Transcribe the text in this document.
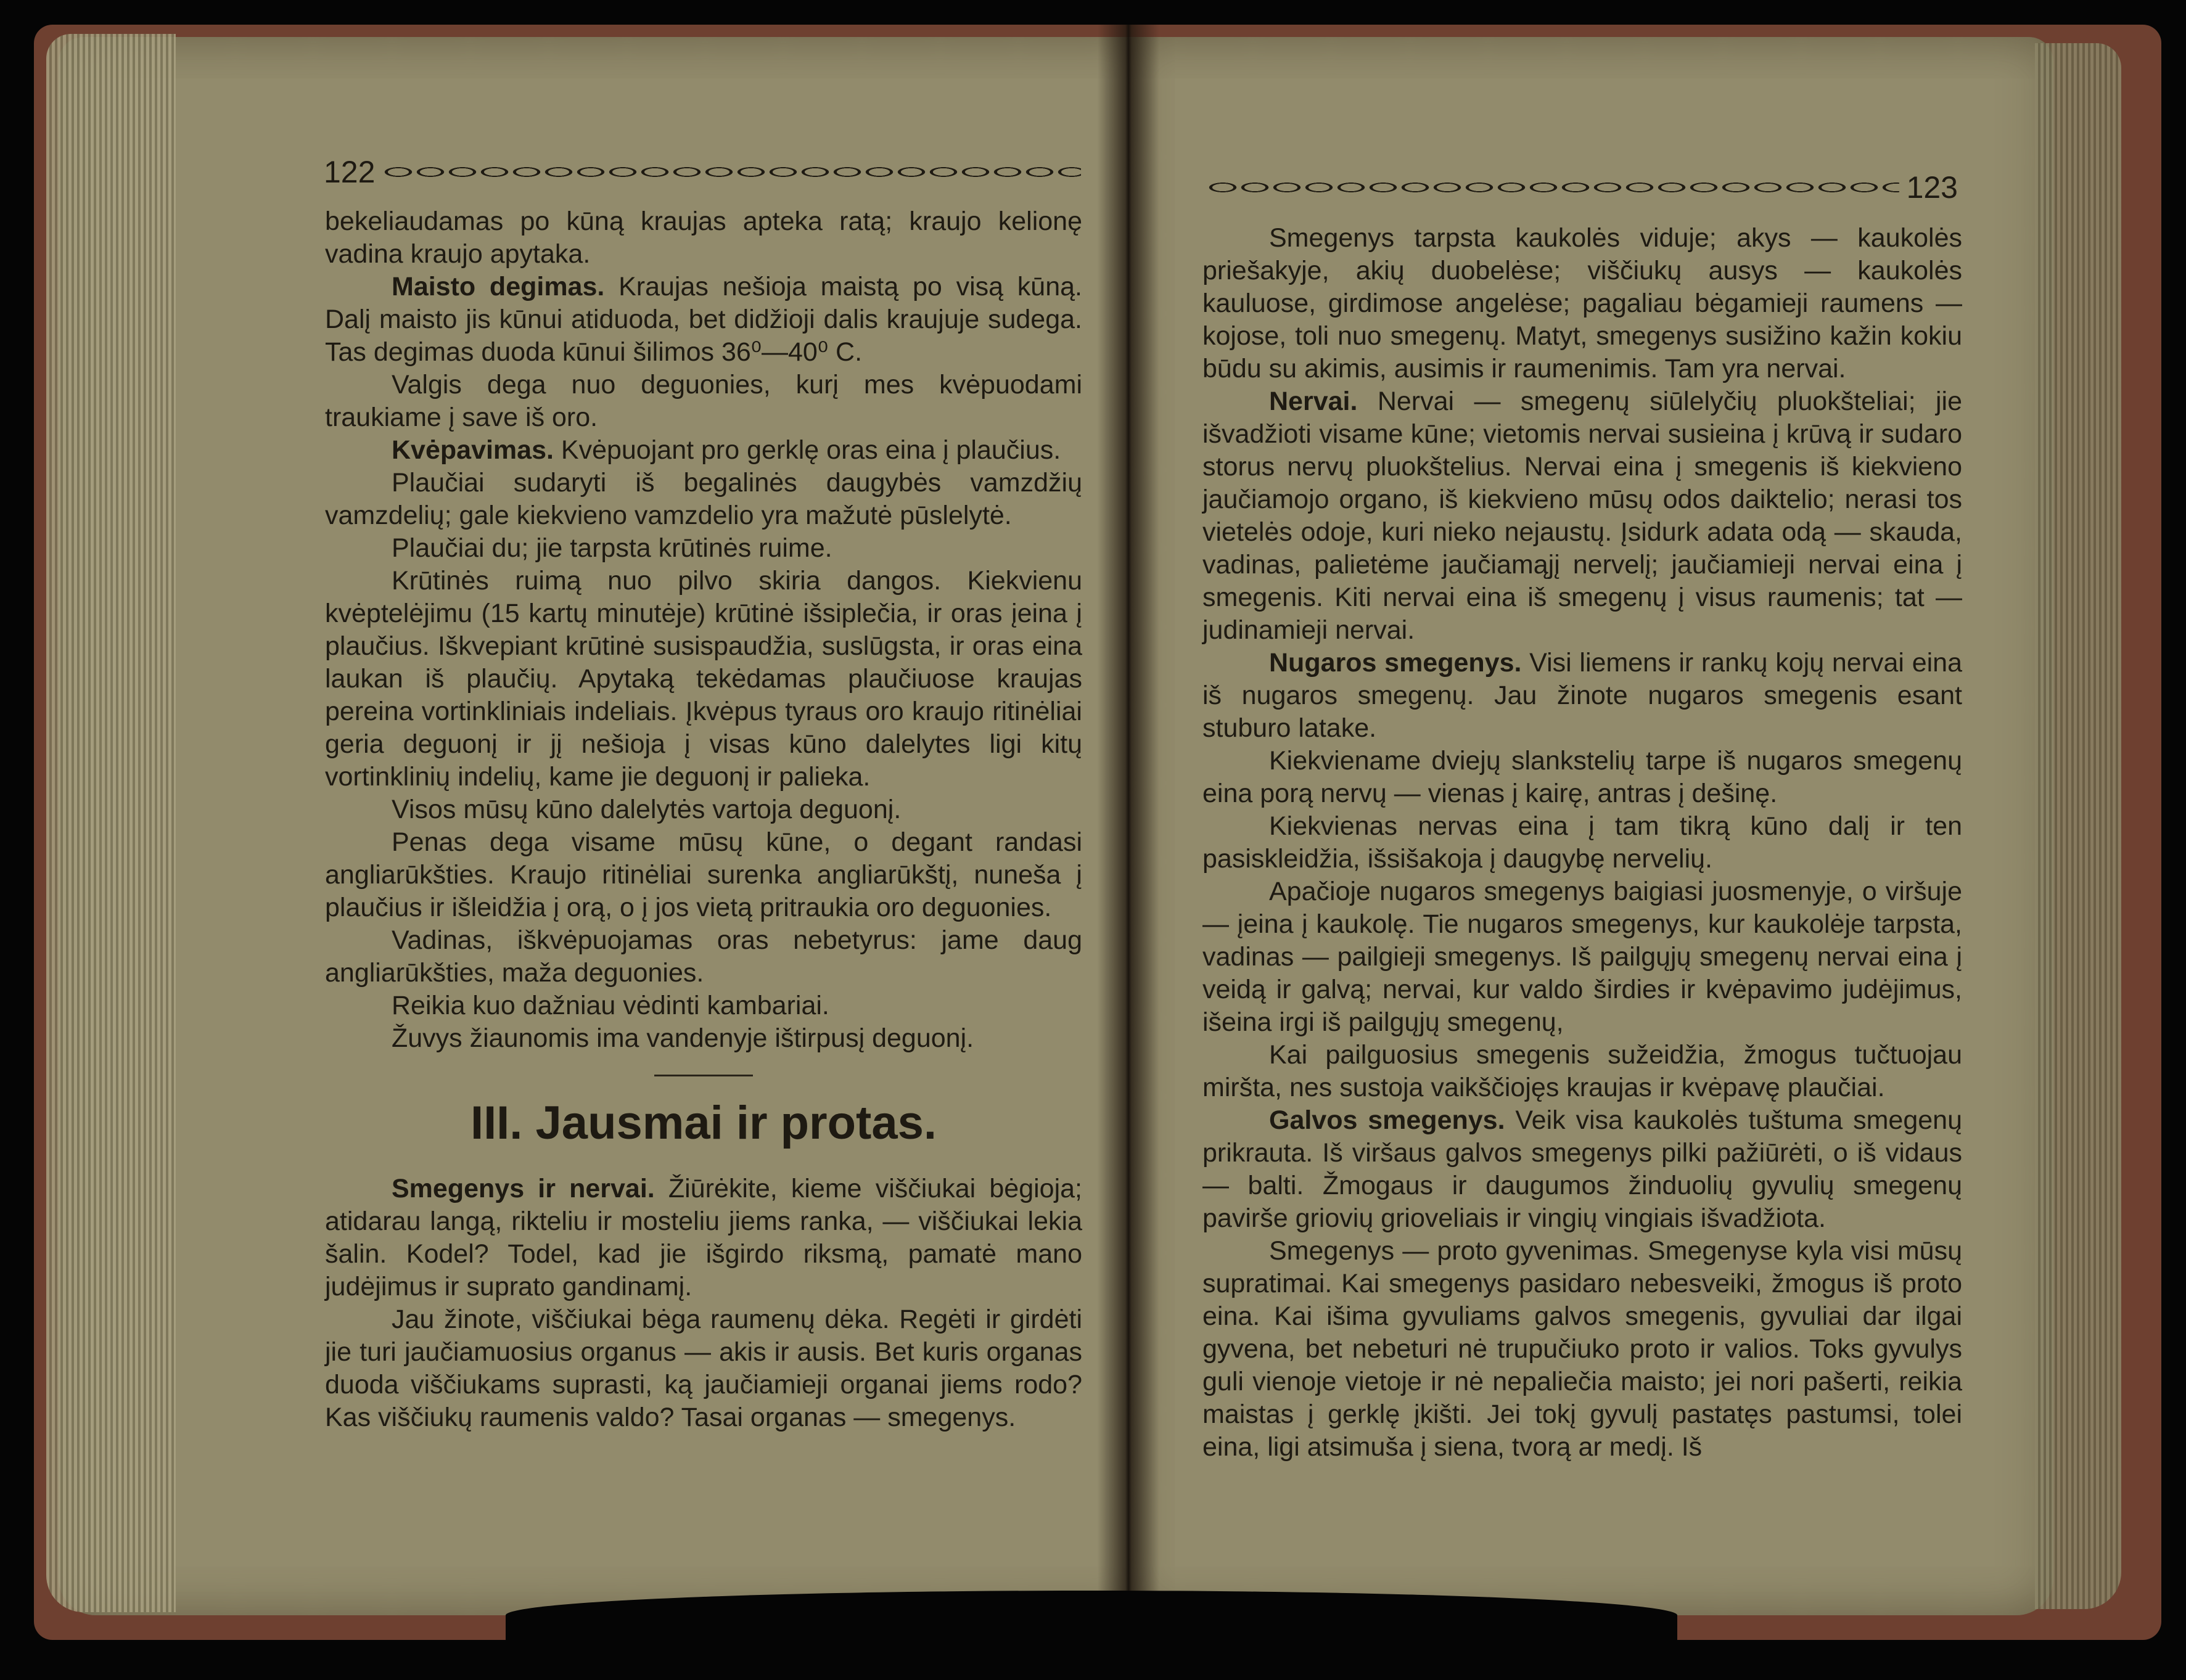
122	123

bekeliaudamas po kūną kraujas apteka ratą; kraujo kelionę vadina kraujo apytaka.

Maisto degimas. Kraujas nešioja maistą po visą kūną. Dalį maisto jis kūnui atiduoda, bet didžioji dalis kraujuje sudega. Tas degimas duoda kūnui šilimos 36⁰—40⁰ C.

Valgis dega nuo deguonies, kurį mes kvėpuodami traukiame į save iš oro.

Kvėpavimas. Kvėpuojant pro gerklę oras eina į plaučius.

Plaučiai sudaryti iš begalinės daugybės vamzdžių vamzdelių; gale kiekvieno vamzdelio yra mažutė pūslelytė.

Plaučiai du; jie tarpsta krūtinės ruime.

Krūtinės ruimą nuo pilvo skiria dangos. Kiekvienu kvėptelėjimu (15 kartų minutėje) krūtinė išsiplečia, ir oras įeina į plaučius. Iškvepiant krūtinė susispaudžia, suslūgsta, ir oras eina laukan iš plaučių. Apytaką tekėdamas plaučiuose kraujas pereina vortinkliniais indeliais. Įkvėpus tyraus oro kraujo ritinėliai geria deguonį ir jį nešioja į visas kūno dalelytes ligi kitų vortinklinių indelių, kame jie deguonį ir palieka.

Visos mūsų kūno dalelytės vartoja deguonį.

Penas dega visame mūsų kūne, o degant randasi angliarūkšties. Kraujo ritinėliai surenka angliarūkštį, nuneša į plaučius ir išleidžia į orą, o į jos vietą pritraukia oro deguonies.

Vadinas, iškvėpuojamas oras nebetyrus: jame daug angliarūkšties, maža deguonies.

Reikia kuo dažniau vėdinti kambariai.

Žuvys žiaunomis ima vandenyje ištirpusį deguonį.

III. Jausmai ir protas.

Smegenys ir nervai. Žiūrėkite, kieme viščiukai bėgioja; atidarau langą, rikteliu ir mosteliu jiems ranka, — viščiukai lekia šalin. Kodel? Todel, kad jie išgirdo riksmą, pamatė mano judėjimus ir suprato gandinamį.

Jau žinote, viščiukai bėga raumenų dėka. Regėti ir girdėti jie turi jaučiamuosius organus — akis ir ausis. Bet kuris organas duoda viščiukams suprasti, ką jaučiamieji organai jiems rodo? Kas viščiukų raumenis valdo? Tasai organas — smegenys.

Smegenys tarpsta kaukolės viduje; akys — kaukolės priešakyje, akių duobelėse; viščiukų ausys — kaukolės kauluose, girdimose angelėse; pagaliau bėgamieji raumens — kojose, toli nuo smegenų. Matyt, smegenys susižino kažin kokiu būdu su akimis, ausimis ir raumenimis. Tam yra nervai.

Nervai. Nervai — smegenų siūlelyčių pluokšteliai; jie išvadžioti visame kūne; vietomis nervai susieina į krūvą ir sudaro storus nervų pluokštelius. Nervai eina į smegenis iš kiekvieno jaučiamojo organo, iš kiekvieno mūsų odos daiktelio; nerasi tos vietelės odoje, kuri nieko nejaustų. Įsidurk adata odą — skauda, vadinas, palietėme jaučiamąjį nervelį; jaučiamieji nervai eina į smegenis. Kiti nervai eina iš smegenų į visus raumenis; tat — judinamieji nervai.

Nugaros smegenys. Visi liemens ir rankų kojų nervai eina iš nugaros smegenų. Jau žinote nugaros smegenis esant stuburo latake.

Kiekviename dviejų slankstelių tarpe iš nugaros smegenų eina porą nervų — vienas į kairę, antras į dešinę.

Kiekvienas nervas eina į tam tikrą kūno dalį ir ten pasiskleidžia, išsišakoja į daugybę nervelių.

Apačioje nugaros smegenys baigiasi juosmenyje, o viršuje — įeina į kaukolę. Tie nugaros smegenys, kur kaukolėje tarpsta, vadinas — pailgieji smegenys. Iš pailgųjų smegenų nervai eina į veidą ir galvą; nervai, kur valdo širdies ir kvėpavimo judėjimus, išeina irgi iš pailgųjų smegenų,

Kai pailguosius smegenis sužeidžia, žmogus tučtuojau miršta, nes sustoja vaikščiojęs kraujas ir kvėpavę plaučiai.

Galvos smegenys. Veik visa kaukolės tuštuma smegenų prikrauta. Iš viršaus galvos smegenys pilki pažiūrėti, o iš vidaus — balti. Žmogaus ir daugumos žinduolių gyvulių smegenų pavirše griovių grioveliais ir vingių vingiais išvadžiota.

Smegenys — proto gyvenimas. Smegenyse kyla visi mūsų supratimai. Kai smegenys pasidaro nebesveiki, žmogus iš proto eina. Kai išima gyvuliams galvos smegenis, gyvuliai dar ilgai gyvena, bet nebeturi nė trupučiuko proto ir valios. Toks gyvulys guli vienoje vietoje ir nė nepaliečia maisto; jei nori pašerti, reikia maistas į gerklę įkišti. Jei tokį gyvulį pastatęs pastumsi, tolei eina, ligi atsimuša į siena, tvorą ar medį. Iš
